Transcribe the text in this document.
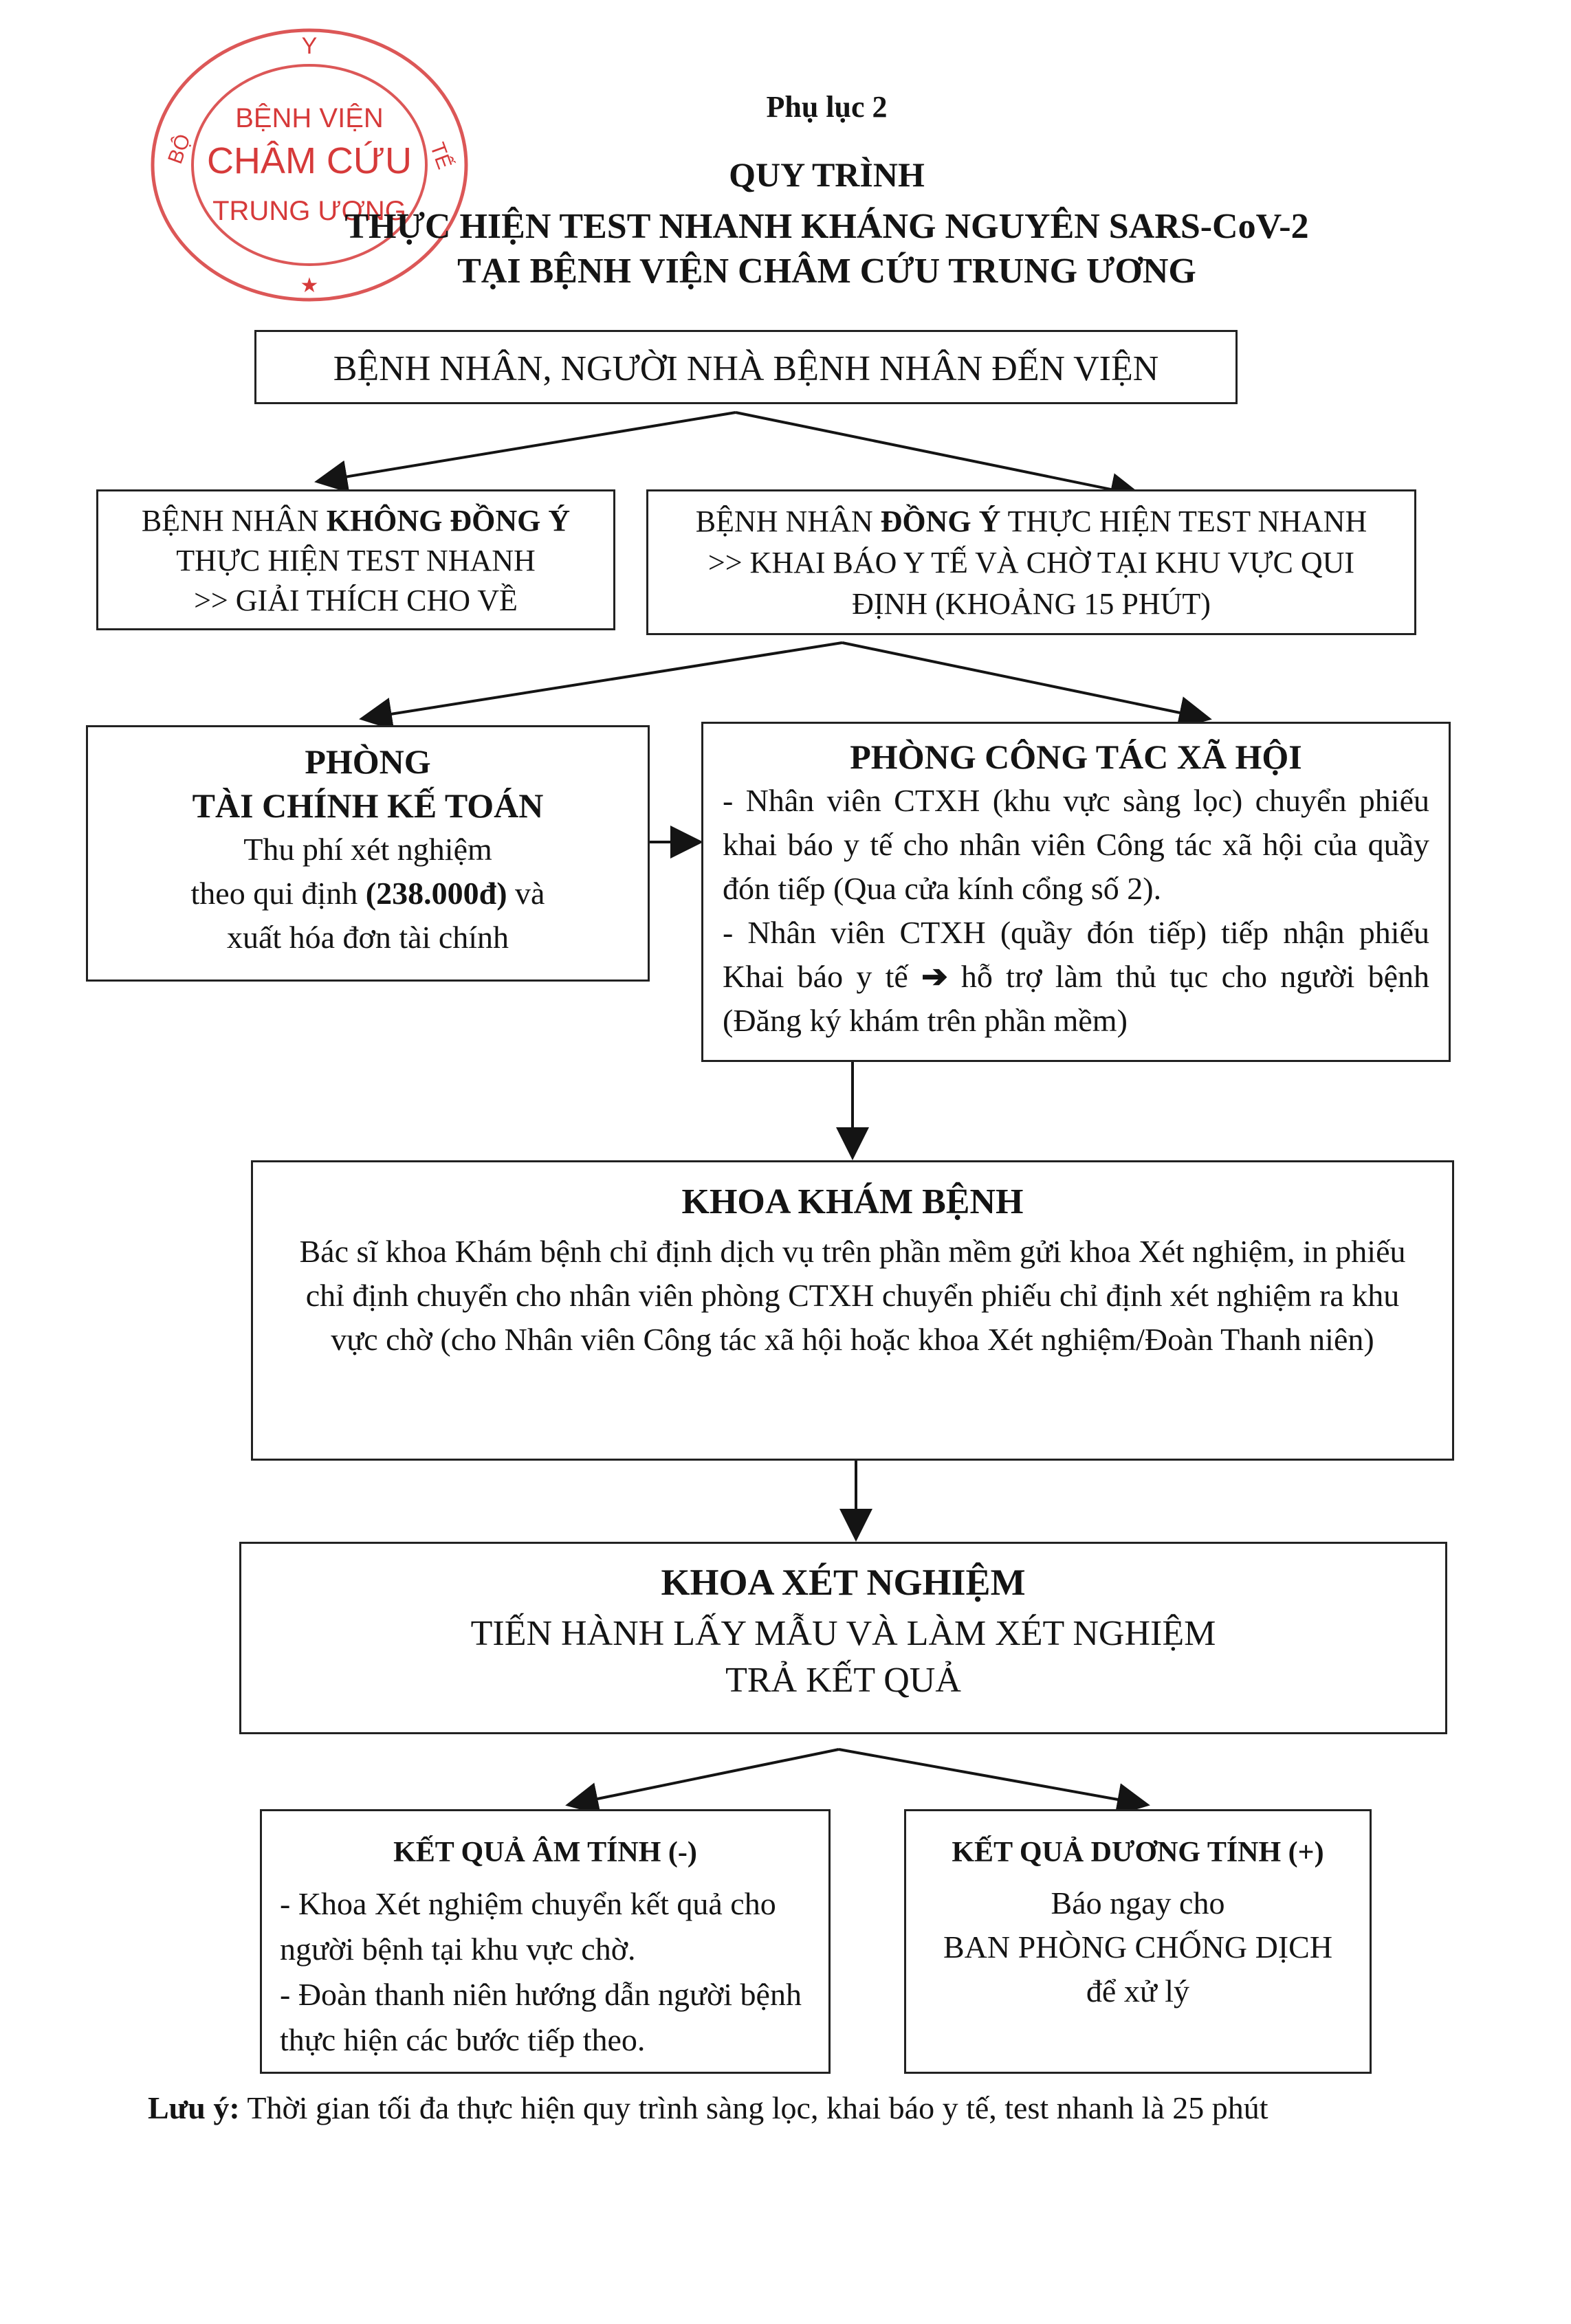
Y
BỘ	TẾ
BỆNH VIỆN
CHÂM CỨU
TRUNG ƯƠNG
★
Phụ lục 2
QUY TRÌNH
THỰC HIỆN TEST NHANH KHÁNG NGUYÊN SARS-CoV-2
TẠI BỆNH VIỆN CHÂM CỨU TRUNG ƯƠNG
BỆNH NHÂN, NGƯỜI NHÀ BỆNH NHÂN ĐẾN VIỆN

BỆNH NHÂN KHÔNG ĐỒNG Ý

THỰC HIỆN TEST NHANH

>> GIẢI THÍCH CHO VỀ

BỆNH NHÂN ĐỒNG Ý THỰC HIỆN TEST NHANH

>> KHAI BÁO Y TẾ VÀ CHỜ TẠI KHU VỰC QUI

ĐỊNH (KHOẢNG 15 PHÚT)

PHÒNG

TÀI CHÍNH KẾ TOÁN

Thu phí xét nghiệm

theo qui định (238.000đ) và

xuất hóa đơn tài chính

PHÒNG CÔNG TÁC XÃ HỘI

- Nhân viên CTXH (khu vực sàng lọc) chuyển phiếu khai báo y tế cho nhân viên Công tác xã hội của quầy đón tiếp (Qua cửa kính cổng số 2).

- Nhân viên CTXH (quầy đón tiếp) tiếp nhận phiếu Khai báo y tế ➔ hỗ trợ làm thủ tục cho người bệnh (Đăng ký khám trên phần mềm)

KHOA KHÁM BỆNH

Bác sĩ khoa Khám bệnh chỉ định dịch vụ trên phần mềm gửi khoa Xét nghiệm, in phiếu chỉ định chuyển cho nhân viên phòng CTXH chuyển phiếu chỉ định xét nghiệm ra khu vực chờ (cho Nhân viên Công tác xã hội hoặc khoa Xét nghiệm/Đoàn Thanh niên)

KHOA XÉT NGHIỆM

TIẾN HÀNH LẤY MẪU VÀ LÀM XÉT NGHIỆM

TRẢ KẾT QUẢ

KẾT QUẢ ÂM TÍNH (-)

- Khoa Xét nghiệm chuyển kết quả cho người bệnh tại khu vực chờ.

- Đoàn thanh niên hướng dẫn người bệnh thực hiện các bước tiếp theo.

KẾT QUẢ DƯƠNG TÍNH (+)

Báo ngay cho

BAN PHÒNG CHỐNG DỊCH

để xử lý

Lưu ý: Thời gian tối đa thực hiện quy trình sàng lọc, khai báo y tế, test nhanh là 25 phút
